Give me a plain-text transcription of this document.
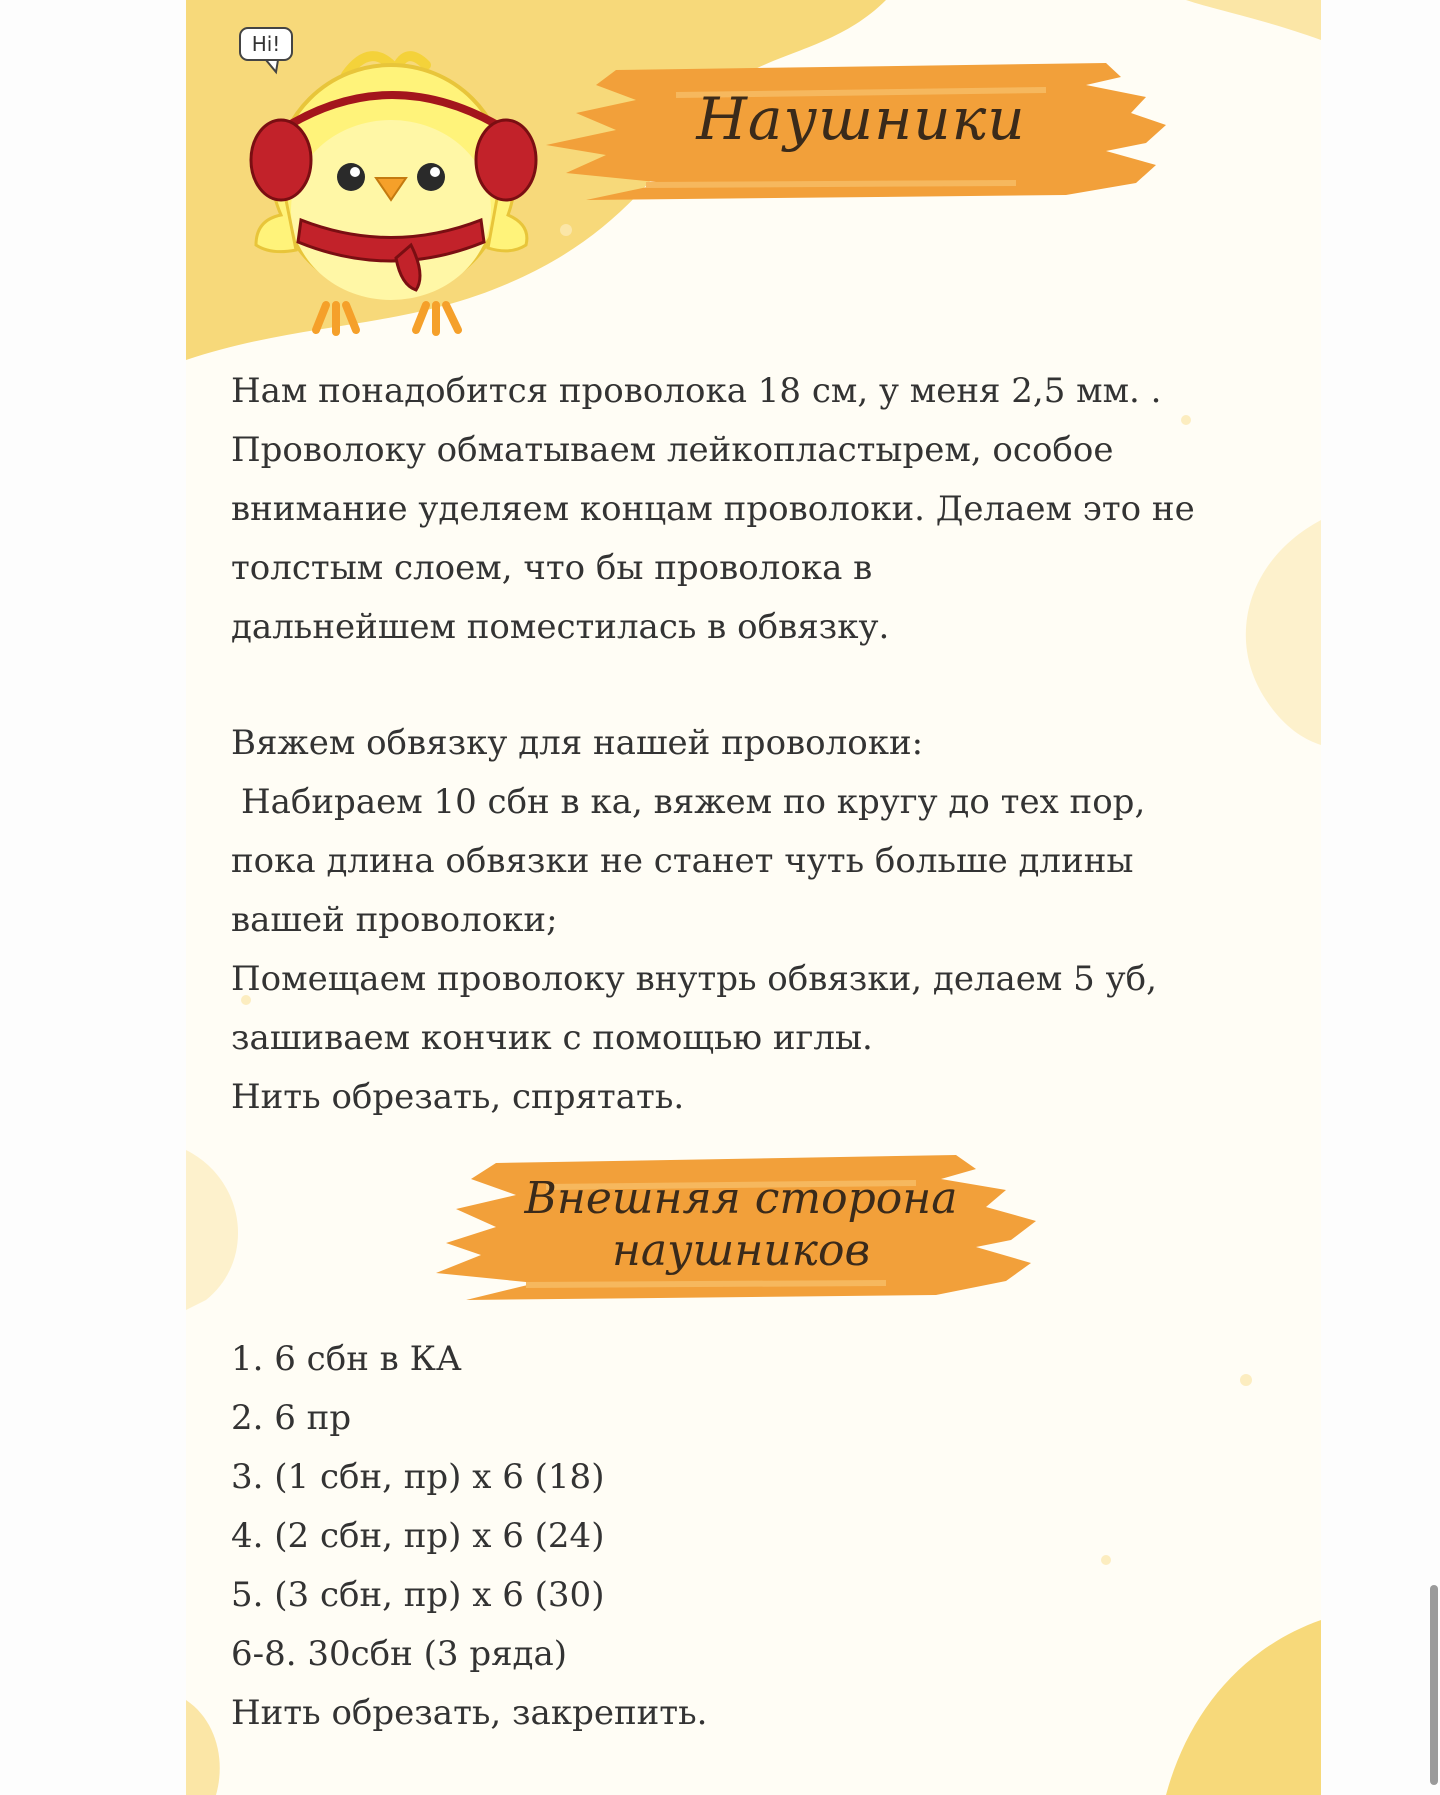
Hi!
Наушники
Нам понадобится проволока 18 см, у меня 2,5 мм. .
Проволоку обматываем лейкопластырем, особое
внимание уделяем концам проволоки. Делаем это не
толстым слоем, что бы проволока в
дальнейшем поместилась в обвязку.
Вяжем обвязку для нашей проволоки:
Набираем 10 сбн в ка, вяжем по кругу до тех пор,
пока длина обвязки не станет чуть больше длины
вашей проволоки;
Помещаем проволоку внутрь обвязки, делаем 5 уб,
зашиваем кончик с помощью иглы.
Нить обрезать, спрятать.
Внешняя сторона
наушников
1. 6 сбн в КА
2. 6 пр
3. (1 сбн, пр) х 6 (18)
4. (2 сбн, пр) х 6 (24)
5. (3 сбн, пр) х 6 (30)
6-8. 30сбн (3 ряда)
Нить обрезать, закрепить.
